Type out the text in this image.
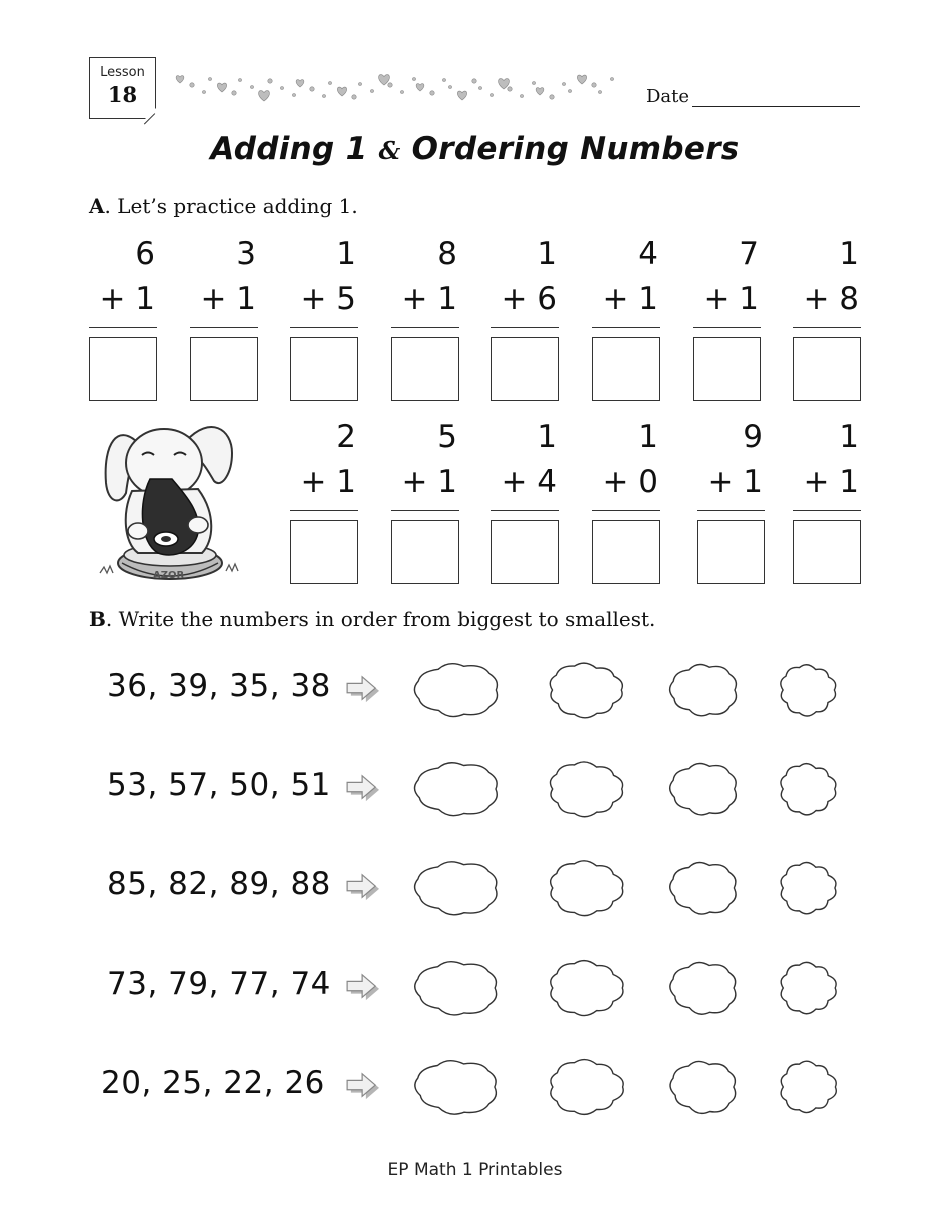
Lesson
18	Date
Adding 1 & Ordering Numbers
A. Let’s practice adding 1.
6
+ 1
3
+ 1
1
+ 5
8
+ 1
1
+ 6
4
+ 1
7
+ 1
1
+ 8
2
+ 1
5
+ 1
1
+ 4
1
+ 0
9
+ 1
1
+ 1
AZOR
B. Write the numbers in order from biggest to smallest.
36, 39, 35, 38
53, 57, 50, 51
85, 82, 89, 88
73, 79, 77, 74
20, 25, 22, 26
EP Math 1 Printables
